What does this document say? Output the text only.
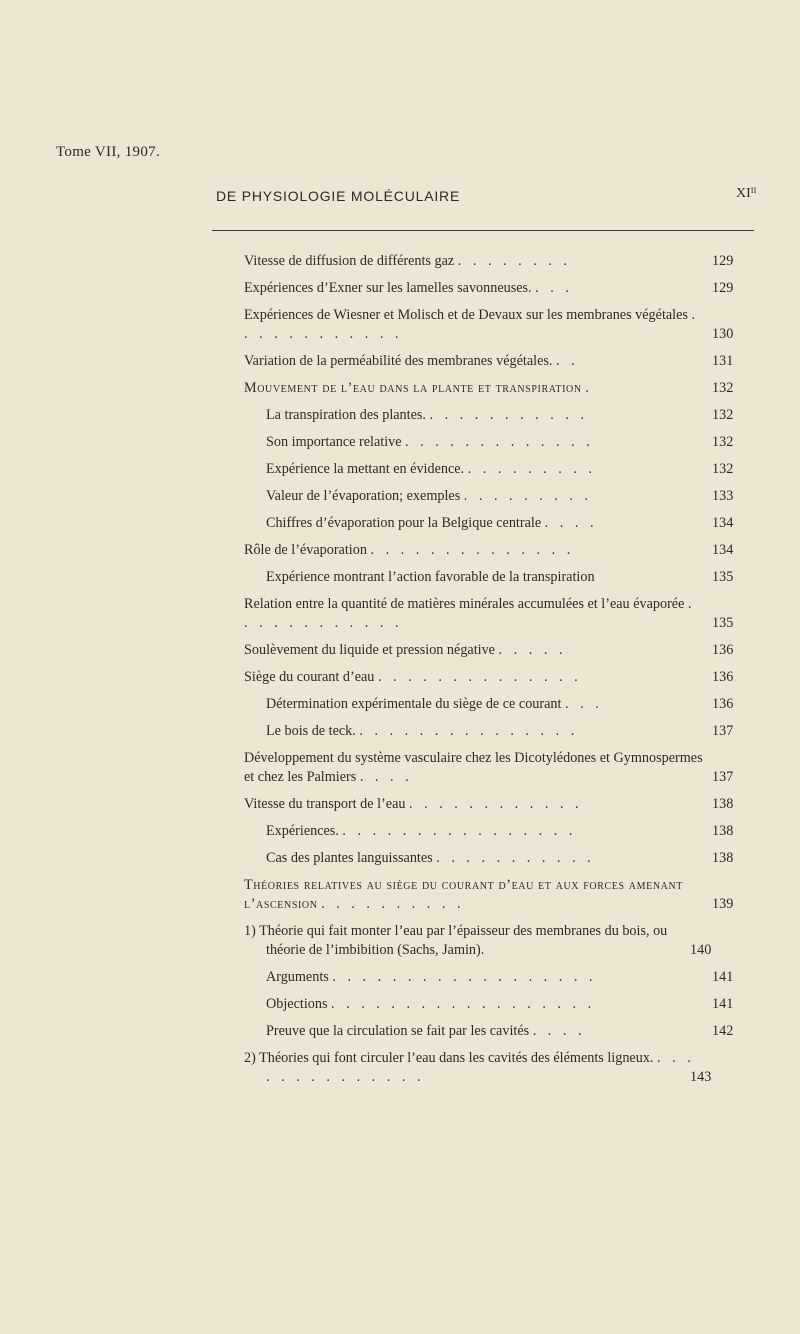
Tome VII, 1907.
DE PHYSIOLOGIE MOLÉCULAIRE	XIᴵᴵ
Vitesse de diffusion de différents gaz . . . . . . . .	129
Expériences d’Exner sur les lamelles savonneuses. . . .	129
Expériences de Wiesner et Molisch et de Devaux sur les membranes végétales . . . . . . . . . . . .	130
Variation de la perméabilité des membranes végétales. . .	131
Mouvement de l’eau dans la plante et transpiration .	132
La transpiration des plantes. . . . . . . . . . . .	132
Son importance relative . . . . . . . . . . . . .	132
Expérience la mettant en évidence. . . . . . . . . .	132
Valeur de l’évaporation; exemples . . . . . . . . .	133
Chiffres d’évaporation pour la Belgique centrale . . . .	134
Rôle de l’évaporation . . . . . . . . . . . . . .	134
Expérience montrant l’action favorable de la transpiration	135
Relation entre la quantité de matières minérales accumulées et l’eau évaporée . . . . . . . . . . . .	135
Soulèvement du liquide et pression négative . . . . .	136
Siège du courant d’eau . . . . . . . . . . . . . .	136
Détermination expérimentale du siège de ce courant . . .	136
Le bois de teck. . . . . . . . . . . . . . . .	137
Développement du système vasculaire chez les Dicotylédones et Gymnospermes et chez les Palmiers . . . .	137
Vitesse du transport de l’eau . . . . . . . . . . . .	138
Expériences. . . . . . . . . . . . . . . . .	138
Cas des plantes languissantes . . . . . . . . . . .	138
Théories relatives au siège du courant d’eau et aux forces amenant l’ascension . . . . . . . . . .	139
1) Théorie qui fait monter l’eau par l’épaisseur des membranes du bois, ou théorie de l’imbibition (Sachs, Jamin).	140
Arguments . . . . . . . . . . . . . . . . . .	141
Objections . . . . . . . . . . . . . . . . . .	141
Preuve que la circulation se fait par les cavités . . . .	142
2) Théories qui font circuler l’eau dans les cavités des éléments ligneux. . . . . . . . . . . . . . .	143
